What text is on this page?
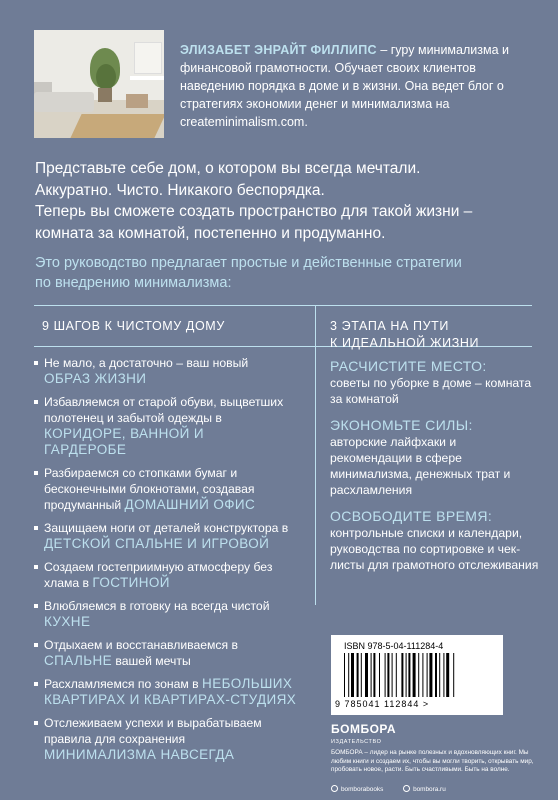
ЭЛИЗАБЕТ ЭНРАЙТ ФИЛЛИПС – гуру минимализма и финансовой грамотности. Обучает своих клиентов наведению порядка в доме и в жизни. Она ведет блог о стратегиях экономии денег и минимализма на createminimalism.com.
Представьте себе дом, о котором вы всегда мечтали.
Аккуратно. Чисто. Никакого беспорядка.
Теперь вы сможете создать пространство для такой жизни –
комната за комнатой, постепенно и продуманно.
Это руководство предлагает простые и действенные стратегии
по внедрению минимализма:
9 ШАГОВ К ЧИСТОМУ ДОМУ	3 ЭТАПА НА ПУТИ
К ИДЕАЛЬНОЙ ЖИЗНИ
Не мало, а достаточно – ваш новый ОБРАЗ ЖИЗНИ
Избавляемся от старой обуви, выцветших полотенец и забытой одежды в КОРИДОРЕ, ВАННОЙ И ГАРДЕРОБЕ
Разбираемся со стопками бумаг и бесконечными блокнотами, создавая продуманный ДОМАШНИЙ ОФИС
Защищаем ноги от деталей конструктора в ДЕТСКОЙ СПАЛЬНЕ И ИГРОВОЙ
Создаем гостеприимную атмосферу без хлама в ГОСТИНОЙ
Влюбляемся в готовку на всегда чистой КУХНЕ
Отдыхаем и восстанавливаемся в СПАЛЬНЕ вашей мечты
Расхламляемся по зонам в НЕБОЛЬШИХ КВАРТИРАХ И КВАРТИРАХ-СТУДИЯХ
Отслеживаем успехи и вырабатываем правила для сохранения МИНИМАЛИЗМА НАВСЕГДА
РАСЧИСТИТЕ МЕСТО:
советы по уборке в доме – комната за комнатой
ЭКОНОМЬТЕ СИЛЫ:
авторские лайфхаки и рекомендации в сфере минимализма, денежных трат и расхламления
ОСВОБОДИТЕ ВРЕМЯ:
контрольные списки и календари, руководства по сортировке и чек-листы для грамотного отслеживания
ISBN 978-5-04-111284-4
9 785041 112844 >
БОМБОРА
ИЗДАТЕЛЬСТВО
БОМБОРА – лидер на рынке полезных и вдохновляющих книг. Мы любим книги и создаем их, чтобы вы могли творить, открывать мир, пробовать новое, расти. Быть счастливыми. Быть на волне.
bomborabooks	bombora.ru
